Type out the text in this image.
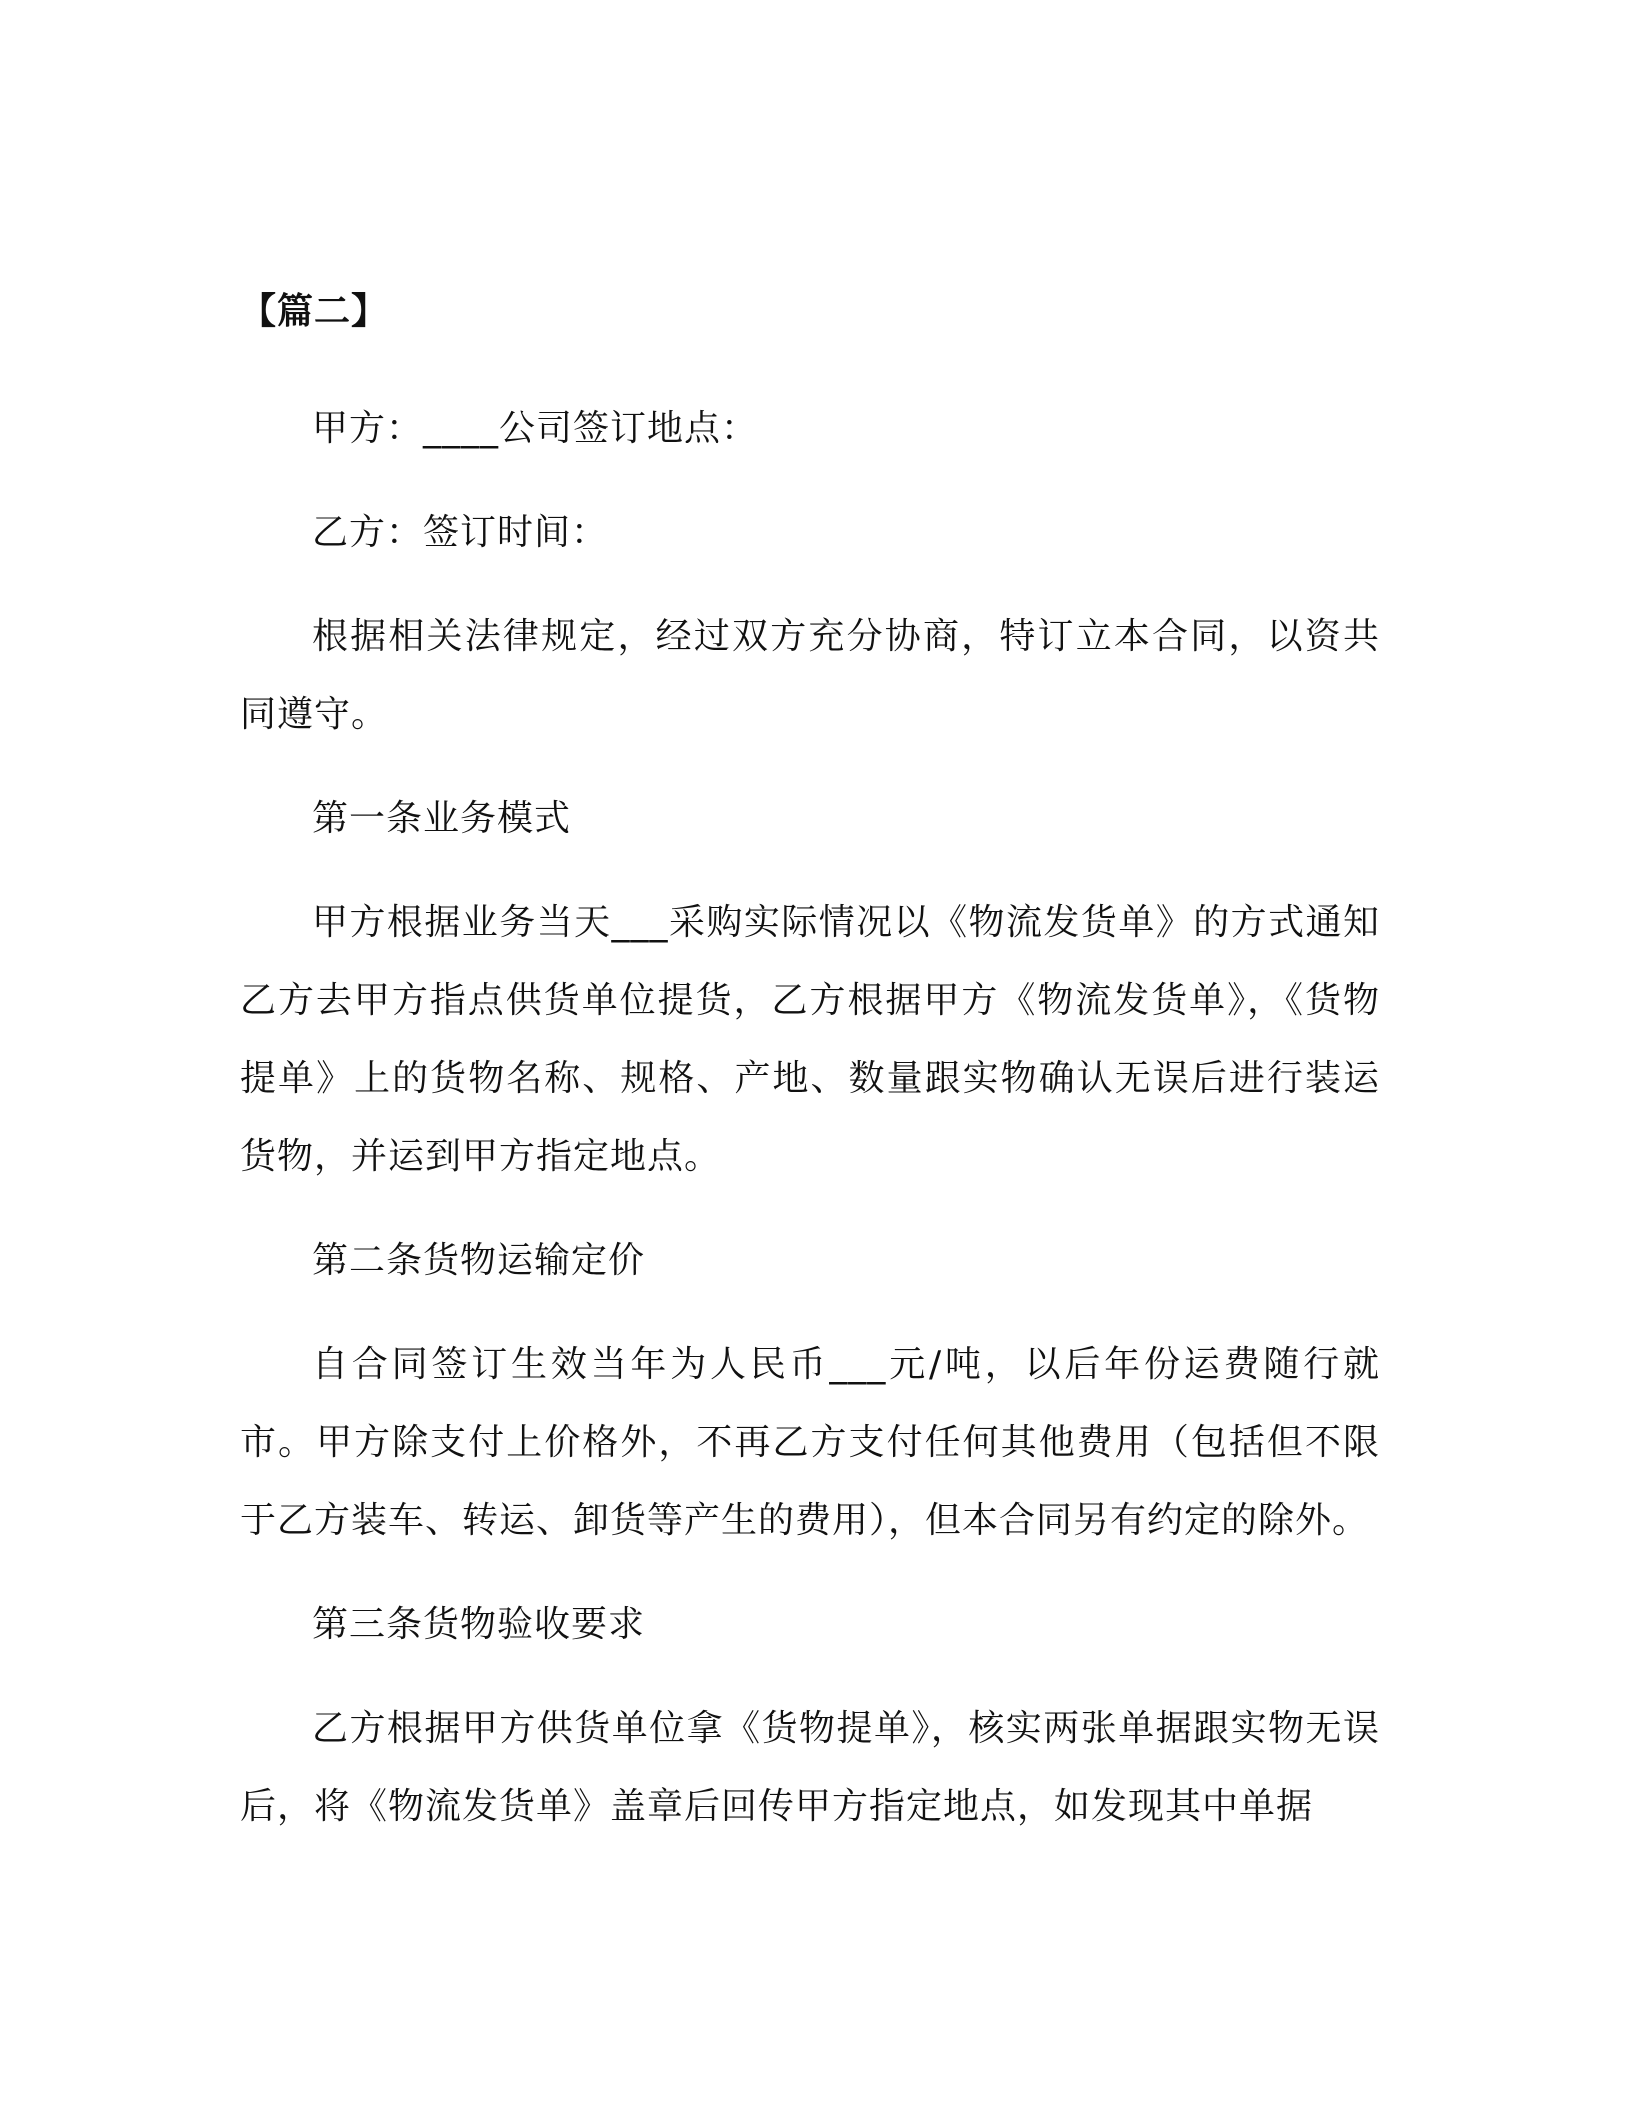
【篇二】

甲方：____公司签订地点：

乙方：签订时间：

根据相关法律规定，经过双方充分协商，特订立本合同，以资共同遵守。

第一条业务模式

甲方根据业务当天___采购实际情况以《物流发货单》的方式通知乙方去甲方指点供货单位提货，乙方根据甲方《物流发货单》，《货物提单》上的货物名称、规格、产地、数量跟实物确认无误后进行装运货物，并运到甲方指定地点。

第二条货物运输定价

自合同签订生效当年为人民币___元/吨，以后年份运费随行就市。甲方除支付上价格外，不再乙方支付任何其他费用（包括但不限于乙方装车、转运、卸货等产生的费用），但本合同另有约定的除外。

第三条货物验收要求

乙方根据甲方供货单位拿《货物提单》，核实两张单据跟实物无误后，将《物流发货单》盖章后回传甲方指定地点，如发现其中单据
